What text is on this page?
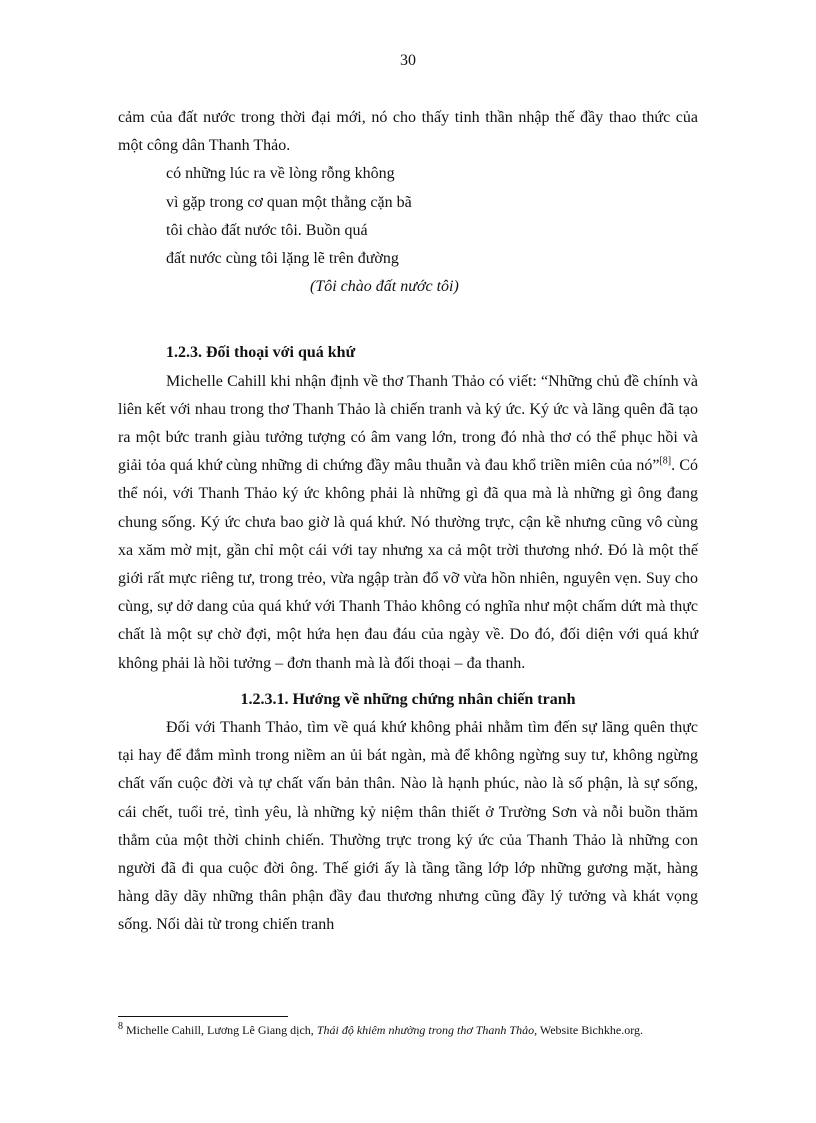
30

cảm của đất nước trong thời đại mới, nó cho thấy tinh thần nhập thế đầy thao thức của một công dân Thanh Thảo.

có những lúc ra về lòng rỗng không
vì gặp trong cơ quan một thằng cặn bã
tôi chào đất nước tôi. Buồn quá
đất nước cùng tôi lặng lẽ trên đường
(Tôi chào đất nước tôi)
1.2.3. Đối thoại với quá khứ

Michelle Cahill khi nhận định về thơ Thanh Thảo có viết: “Những chủ đề chính và liên kết với nhau trong thơ Thanh Thảo là chiến tranh và ký ức. Ký ức và lãng quên đã tạo ra một bức tranh giàu tưởng tượng có âm vang lớn, trong đó nhà thơ có thể phục hồi và giải tỏa quá khứ cùng những di chứng đầy mâu thuẫn và đau khổ triền miên của nó”[8]. Có thể nói, với Thanh Thảo ký ức không phải là những gì đã qua mà là những gì ông đang chung sống. Ký ức chưa bao giờ là quá khứ. Nó thường trực, cận kề nhưng cũng vô cùng xa xăm mờ mịt, gần chỉ một cái với tay nhưng xa cả một trời thương nhớ. Đó là một thế giới rất mực riêng tư, trong trẻo, vừa ngập tràn đổ vỡ vừa hồn nhiên, nguyên vẹn. Suy cho cùng, sự dở dang của quá khứ với Thanh Thảo không có nghĩa như một chấm dứt mà thực chất là một sự chờ đợi, một hứa hẹn đau đáu của ngày về. Do đó, đối diện với quá khứ không phải là hồi tưởng – đơn thanh mà là đối thoại – đa thanh.

1.2.3.1. Hướng về những chứng nhân chiến tranh

Đối với Thanh Thảo, tìm về quá khứ không phải nhằm tìm đến sự lãng quên thực tại hay để đắm mình trong niềm an ủi bát ngàn, mà để không ngừng suy tư, không ngừng chất vấn cuộc đời và tự chất vấn bản thân. Nào là hạnh phúc, nào là số phận, là sự sống, cái chết, tuổi trẻ, tình yêu, là những kỷ niệm thân thiết ở Trường Sơn và nỗi buồn thăm thẳm của một thời chinh chiến. Thường trực trong ký ức của Thanh Thảo là những con người đã đi qua cuộc đời ông. Thế giới ấy là tầng tầng lớp lớp những gương mặt, hàng hàng dãy dãy những thân phận đầy đau thương nhưng cũng đầy lý tưởng và khát vọng sống. Nối dài từ trong chiến tranh

$^8$ Michelle Cahill, Lương Lê Giang dịch, Thái độ khiêm nhường trong thơ Thanh Thảo, Website Bichkhe.org.
